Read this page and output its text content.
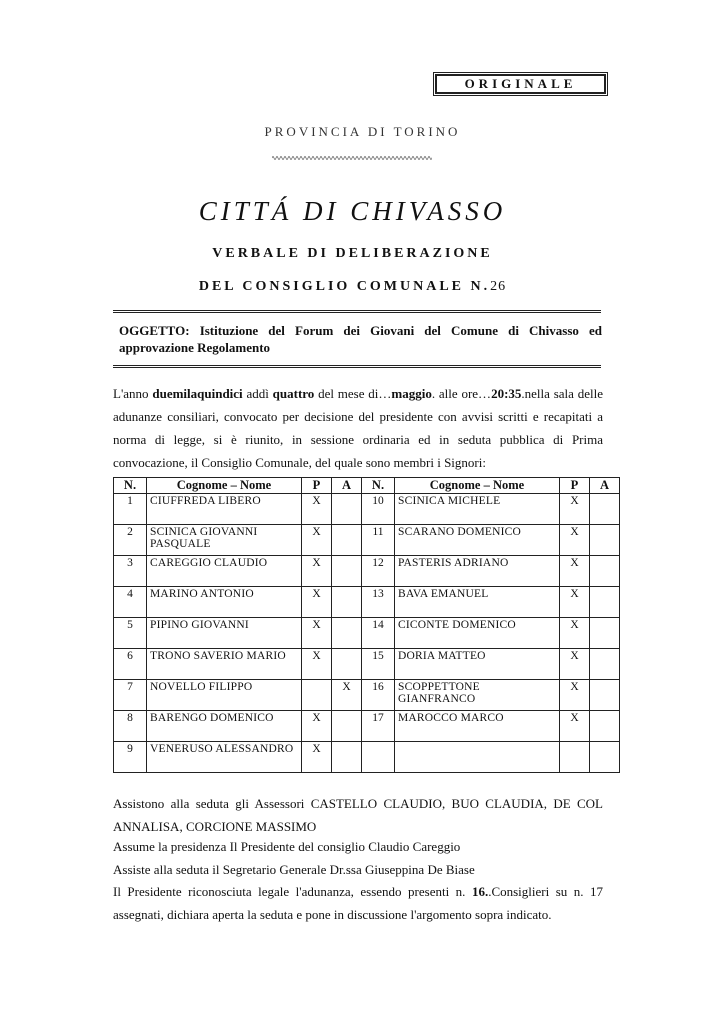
ORIGINALE
PROVINCIA DI TORINO
CITTÁ DI CHIVASSO
VERBALE DI DELIBERAZIONE
DEL CONSIGLIO COMUNALE N.26
OGGETTO: Istituzione del Forum dei Giovani del Comune di Chivasso ed approvazione Regolamento
L'anno duemilaquindici addì quattro del mese di…maggio. alle ore…20:35.nella sala delle adunanze consiliari, convocato per decisione del presidente con avvisi scritti e recapitati a norma di legge, si è riunito, in sessione ordinaria ed in seduta pubblica di Prima convocazione, il Consiglio Comunale, del quale sono membri i Signori:
N.	Cognome – Nome	P	A	N.	Cognome – Nome	P	A
1	CIUFFREDA LIBERO	X		10	SCINICA MICHELE	X	
2	SCINICA GIOVANNI PASQUALE	X		11	SCARANO DOMENICO	X	
3	CAREGGIO CLAUDIO	X		12	PASTERIS ADRIANO	X	
4	MARINO ANTONIO	X		13	BAVA EMANUEL	X	
5	PIPINO GIOVANNI	X		14	CICONTE DOMENICO	X	
6	TRONO SAVERIO MARIO	X		15	DORIA MATTEO	X	
7	NOVELLO FILIPPO		X	16	SCOPPETTONE GIANFRANCO	X	
8	BARENGO DOMENICO	X		17	MAROCCO MARCO	X	
9	VENERUSO ALESSANDRO	X					
Assistono alla seduta gli Assessori CASTELLO CLAUDIO, BUO CLAUDIA, DE COL ANNALISA, CORCIONE MASSIMO
Assume la presidenza Il Presidente del consiglio Claudio Careggio
Assiste alla seduta il Segretario Generale Dr.ssa Giuseppina De Biase
Il Presidente riconosciuta legale l'adunanza, essendo presenti n. 16..Consiglieri su n. 17 assegnati, dichiara aperta la seduta e pone in discussione l'argomento sopra indicato.
